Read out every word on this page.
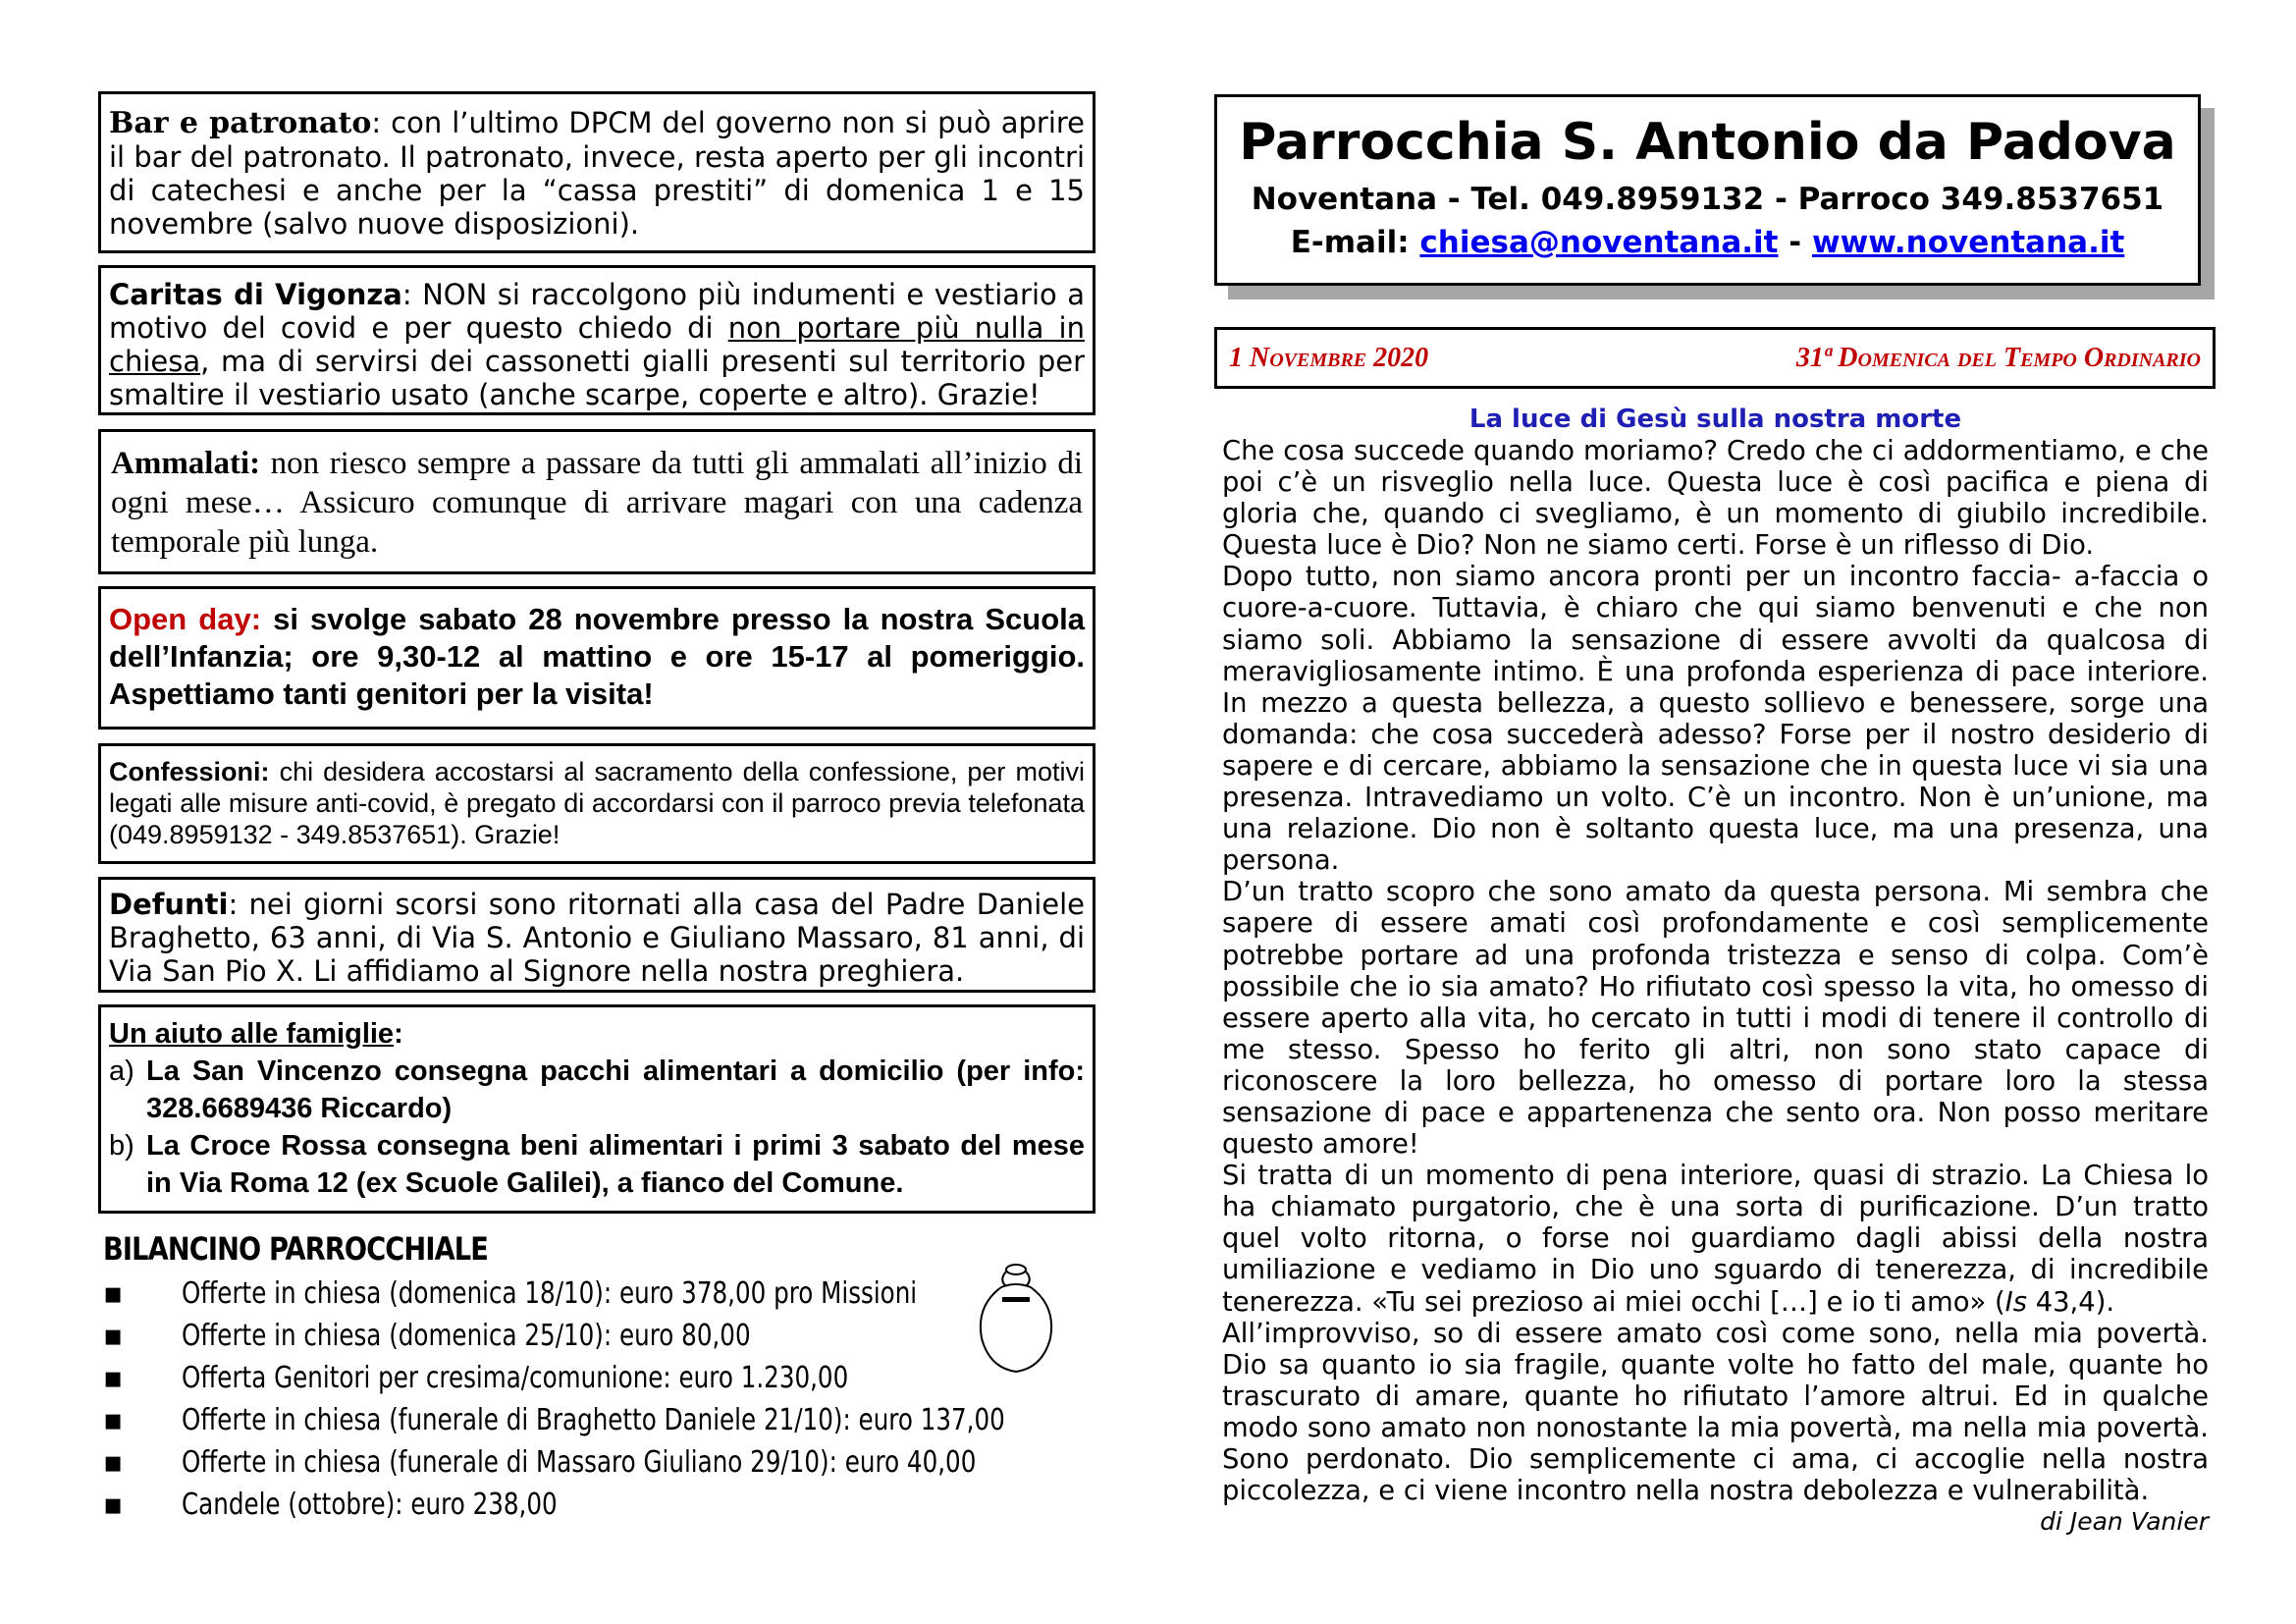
Bar e patronato: con l’ultimo DPCM del governo non si può aprire il bar del patronato. Il patronato, invece, resta aperto per gli incontri di catechesi e anche per la “cassa prestiti” di domenica 1 e 15 novembre (salvo nuove disposizioni).

Caritas di Vigonza: NON si raccolgono più indumenti e vestiario a motivo del covid e per questo chiedo di non portare più nulla in chiesa, ma di servirsi dei cassonetti gialli presenti sul territorio per smaltire il vestiario usato (anche scarpe, coperte e altro). Grazie!

Ammalati: non riesco sempre a passare da tutti gli ammalati all’inizio di ogni mese… Assicuro comunque di arrivare magari con una cadenza temporale più lunga.

Open day: si svolge sabato 28 novembre presso la nostra Scuola dell’Infanzia; ore 9,30-12 al mattino e ore 15-17 al pomeriggio. Aspettiamo tanti genitori per la visita!

Confessioni: chi desidera accostarsi al sacramento della confessione, per motivi legati alle misure anti-covid, è pregato di accordarsi con il parroco previa telefonata (049.8959132 - 349.8537651). Grazie!

Defunti: nei giorni scorsi sono ritornati alla casa del Padre Daniele Braghetto, 63 anni, di Via S. Antonio e Giuliano Massaro, 81 anni, di Via San Pio X. Li affidiamo al Signore nella nostra preghiera.

Un aiuto alle famiglie:
a) La San Vincenzo consegna pacchi alimentari a domicilio (per info: 328.6689436 Riccardo)
b) La Croce Rossa consegna beni alimentari i primi 3 sabato del mese in Via Roma 12 (ex Scuole Galilei), a fianco del Comune.
BILANCINO PARROCCHIALE
▪ Offerte in chiesa (domenica 18/10): euro 378,00 pro Missioni
▪ Offerte in chiesa (domenica 25/10): euro 80,00
▪ Offerta Genitori per cresima/comunione: euro 1.230,00
▪ Offerte in chiesa (funerale di Braghetto Daniele 21/10): euro 137,00
▪ Offerte in chiesa (funerale di Massaro Giuliano 29/10): euro 40,00
▪ Candele (ottobre): euro 238,00
Parrocchia S. Antonio da Padova
Noventana - Tel. 049.8959132 - Parroco 349.8537651
E-mail: chiesa@noventana.it - www.noventana.it
1 Novembre 2020	31ª Domenica del Tempo Ordinario
La luce di Gesù sulla nostra morte

Che cosa succede quando moriamo? Credo che ci addormentiamo, e che poi c’è un risveglio nella luce. Questa luce è così pacifica e piena di gloria che, quando ci svegliamo, è un momento di giubilo incredibile. Questa luce è Dio? Non ne siamo certi. Forse è un riflesso di Dio.

Dopo tutto, non siamo ancora pronti per un incontro faccia- a-faccia o cuore-a-cuore. Tuttavia, è chiaro che qui siamo benvenuti e che non siamo soli. Abbiamo la sensazione di essere avvolti da qualcosa di meravigliosamente intimo. È una profonda esperienza di pace interiore. In mezzo a questa bellezza, a questo sollievo e benessere, sorge una domanda: che cosa succederà adesso? Forse per il nostro desiderio di sapere e di cercare, abbiamo la sensazione che in questa luce vi sia una presenza. Intravediamo un volto. C’è un incontro. Non è un’unione, ma una relazione. Dio non è soltanto questa luce, ma una presenza, una persona.

D’un tratto scopro che sono amato da questa persona. Mi sembra che sapere di essere amati così profondamente e così semplicemente potrebbe portare ad una profonda tristezza e senso di colpa. Com’è possibile che io sia amato? Ho rifiutato così spesso la vita, ho omesso di essere aperto alla vita, ho cercato in tutti i modi di tenere il controllo di me stesso. Spesso ho ferito gli altri, non sono stato capace di riconoscere la loro bellezza, ho omesso di portare loro la stessa sensazione di pace e appartenenza che sento ora. Non posso meritare questo amore!

Si tratta di un momento di pena interiore, quasi di strazio. La Chiesa lo ha chiamato purgatorio, che è una sorta di purificazione. D’un tratto quel volto ritorna, o forse noi guardiamo dagli abissi della nostra umiliazione e vediamo in Dio uno sguardo di tenerezza, di incredibile tenerezza. «Tu sei prezioso ai miei occhi […] e io ti amo» (Is 43,4).

All’improvviso, so di essere amato così come sono, nella mia povertà. Dio sa quanto io sia fragile, quante volte ho fatto del male, quante ho trascurato di amare, quante ho rifiutato l’amore altrui. Ed in qualche modo sono amato non nonostante la mia povertà, ma nella mia povertà. Sono perdonato. Dio semplicemente ci ama, ci accoglie nella nostra piccolezza, e ci viene incontro nella nostra debolezza e vulnerabilità.

di Jean Vanier
